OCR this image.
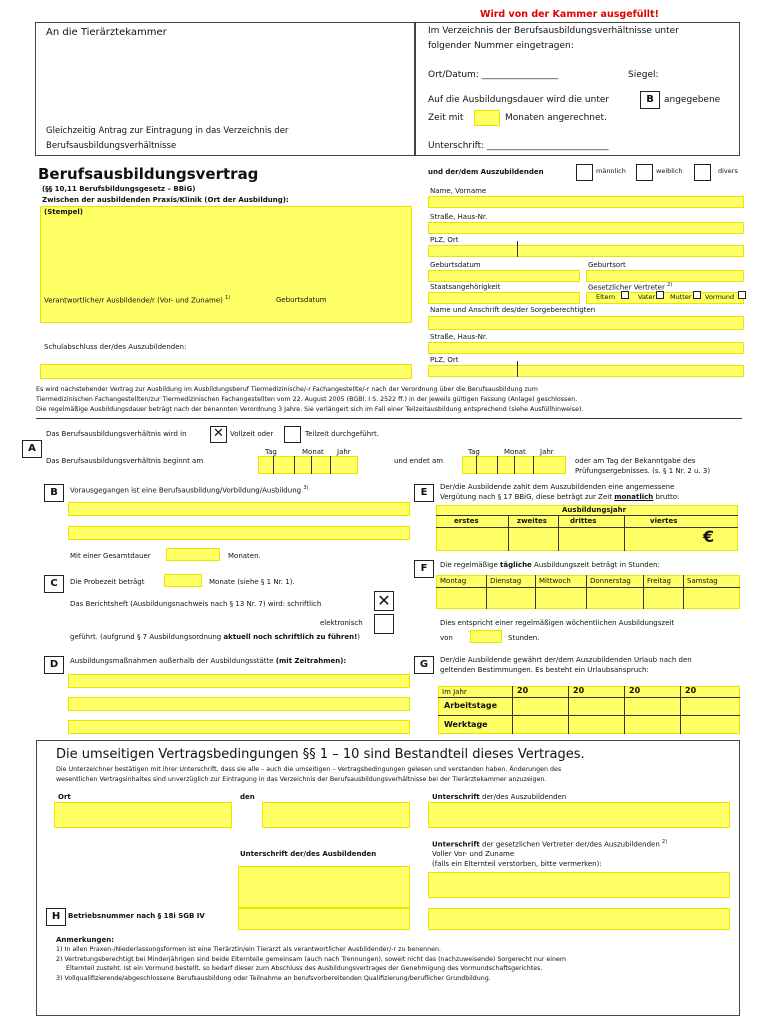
Wird von der Kammer ausgefüllt!
An die Tierärztekammer
Gleichzeitig Antrag zur Eintragung in das Verzeichnis der
Berufsausbildungsverhältnisse
Im Verzeichnis der Berufsausbildungsverhältnisse unter
folgender Nummer eingetragen:
Ort/Datum: _________________	Siegel:
Auf die Ausbildungsdauer wird die unter	B	angegebene
Zeit mit	Monaten angerechnet.
Unterschrift: ___________________________
Berufsausbildungsvertrag
(§§ 10,11 Berufsbildungsgesetz – BBiG)
Zwischen der ausbildenden Praxis/Klinik (Ort der Ausbildung):
(Stempel)
Verantwortliche/r Ausbildende/r (Vor- und Zuname) $^{1)}$	Geburtsdatum
Schulabschluss der/des Auszubildenden:
und der/dem Auszubildenden	männlich	weiblich	divers
Name, Vorname
Straße, Haus-Nr.
PLZ, Ort
Geburtsdatum	Geburtsort
Staatsangehörigkeit	Gesetzlicher Vertreter $^{2)}$
Eltern	Vater Mutter Vormund
Name und Anschrift des/der Sorgeberechtigten
Straße, Haus-Nr.
PLZ, Ort
Es wird nachstehender Vertrag zur Ausbildung im Ausbildungsberuf Tiermedizinische/-r Fachangestellte/-r nach der Verordnung über die Berufsausbildung zum
Tiermedizinischen Fachangestellten/zur Tiermedizinischen Fachangestellten vom 22. August 2005 (BGBl. I S. 2522 ff.) in der jeweils gültigen Fassung (Anlage) geschlossen.
Die regelmäßige Ausbildungsdauer beträgt nach der benannten Verordnung 3 Jahre. Sie verlängert sich im Fall einer Teilzeitausbildung entsprechend (siehe Ausfüllhinweise).
A
Das Berufsausbildungsverhältnis wird in ✕ Vollzeit oder	Teilzeit durchgeführt.
Tag	Monat Jahr
Das Berufsausbildungsverhältnis beginnt am	und endet am
Tag	Monat Jahr
oder am Tag der Bekanntgabe des
Prüfungsergebnisses. (s. § 1 Nr. 2 u. 3)
B	Vorausgegangen ist eine Berufsausbildung/Vorbildung/Ausbildung $^{3)}$
Mit einer Gesamtdauer	Monaten.
C	Die Probezeit beträgt	Monate (siehe § 1 Nr. 1).
Das Berichtsheft (Ausbildungsnachweis nach § 13 Nr. 7) wird: schriftlich	✕
elektronisch
geführt. (aufgrund § 7 Ausbildungsordnung aktuell noch schriftlich zu führen!)
D	Ausbildungsmaßnahmen außerhalb der Ausbildungsstätte (mit Zeitrahmen):
E	Der/die Ausbildende zahlt dem Auszubildenden eine angemessene
Vergütung nach § 17 BBiG, diese beträgt zur Zeit monatlich brutto:
Ausbildungsjahr
erstes	zweites	drittes	viertes
€
F	Die regelmäßige tägliche Ausbildungszeit beträgt in Stunden:
Montag	Dienstag	Mittwoch	Donnerstag Freitag Samstag
Dies entspricht einer regelmäßigen wöchentlichen Ausbildungszeit
von	Stunden.
G	Der/die Ausbildende gewährt der/dem Auszubildenden Urlaub nach den
geltenden Bestimmungen. Es besteht ein Urlaubsanspruch:
Im Jahr	20	20	20	20
Arbeitstage
Werktage
Die umseitigen Vertragsbedingungen §§ 1 – 10 sind Bestandteil dieses Vertrages.
Die Unterzeichner bestätigen mit ihrer Unterschrift, dass sie alle – auch die umseitigen – Vertragsbedingungen gelesen und verstanden haben. Änderungen des
wesentlichen Vertragsinhaltes sind unverzüglich zur Eintragung in das Verzeichnis der Berufsausbildungsverhältnisse bei der Tierärztekammer anzuzeigen.
Ort	den	Unterschrift der/des Auszubildenden
Unterschrift der/des Ausbildenden
Unterschrift der gesetzlichen Vertreter der/des Auszubildenden $^{2)}$
Voller Vor- und Zuname
(falls ein Elternteil verstorben, bitte vermerken):
H	Betriebsnummer nach § 18i SGB IV
Anmerkungen:
1) In allen Praxen-/Niederlassungsformen ist eine Tierärztin/ein Tierarzt als verantwortlicher Ausbildender/-r zu benennen.
2) Vertretungsberechtigt bei Minderjährigen sind beide Elternteile gemeinsam (auch nach Trennungen), soweit nicht das (nachzuweisende) Sorgerecht nur einem
Elternteil zusteht. Ist ein Vormund bestellt, so bedarf dieser zum Abschluss des Ausbildungsvertrages der Genehmigung des Vormundschaftsgerichtes.
3) Vollqualifizierende/abgeschlossene Berufsausbildung oder Teilnahme an berufsvorbereitenden Qualifizierung/beruflicher Grundbildung.
